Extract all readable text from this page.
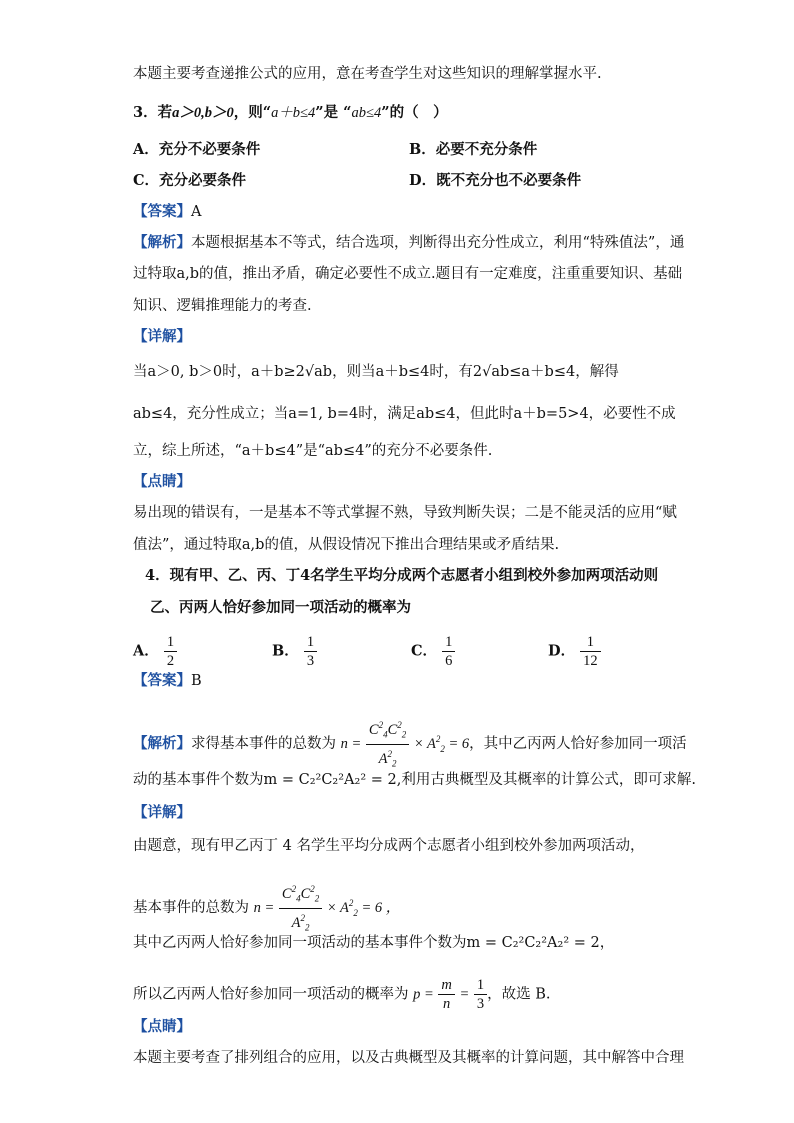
本题主要考查递推公式的应用，意在考查学生对这些知识的理解掌握水平.
3．若a＞0,b＞0，则“a＋b≤4”是 “ab≤4”的（　）
A．充分不必要条件	B．必要不充分条件
C．充分必要条件	D．既不充分也不必要条件
【答案】A
【解析】本题根据基本不等式，结合选项，判断得出充分性成立，利用“特殊值法”，通
过特取a,b的值，推出矛盾，确定必要性不成立.题目有一定难度，注重重要知识、基础
知识、逻辑推理能力的考查.
【详解】
当a＞0, b＞0时，a＋b≥2√ab，则当a＋b≤4时，有2√ab≤a＋b≤4，解得
ab≤4，充分性成立；当a=1, b=4时，满足ab≤4，但此时a＋b=5>4，必要性不成
立，综上所述，“a＋b≤4”是“ab≤4”的充分不必要条件.
【点睛】
易出现的错误有，一是基本不等式掌握不熟，导致判断失误；二是不能灵活的应用“赋
值法”，通过特取a,b的值，从假设情况下推出合理结果或矛盾结果.
4．现有甲、乙、丙、丁4名学生平均分成两个志愿者小组到校外参加两项活动则
乙、丙两人恰好参加同一项活动的概率为
A． $\frac{1}{2}$	B． $\frac{1}{3}$	C． $\frac{1}{6}$	D． $\frac{1}{12}$
【答案】B
【解析】求得基本事件的总数为 $n = \frac{C^2_4C^2_2}{A^2_2} \times A^2_2 = 6$，其中乙丙两人恰好参加同一项活
动的基本事件个数为m = C₂²C₂²A₂² = 2,利用古典概型及其概率的计算公式，即可求解.
【详解】
由题意，现有甲乙丙丁 4 名学生平均分成两个志愿者小组到校外参加两项活动，
基本事件的总数为 $n = \frac{C^2_4C^2_2}{A^2_2} \times A^2_2 = 6$ ，
其中乙丙两人恰好参加同一项活动的基本事件个数为m = C₂²C₂²A₂² = 2，
所以乙丙两人恰好参加同一项活动的概率为 $p = \frac{m}{n} = \frac{1}{3}$ ，故选 B.
【点睛】
本题主要考查了排列组合的应用，以及古典概型及其概率的计算问题，其中解答中合理
